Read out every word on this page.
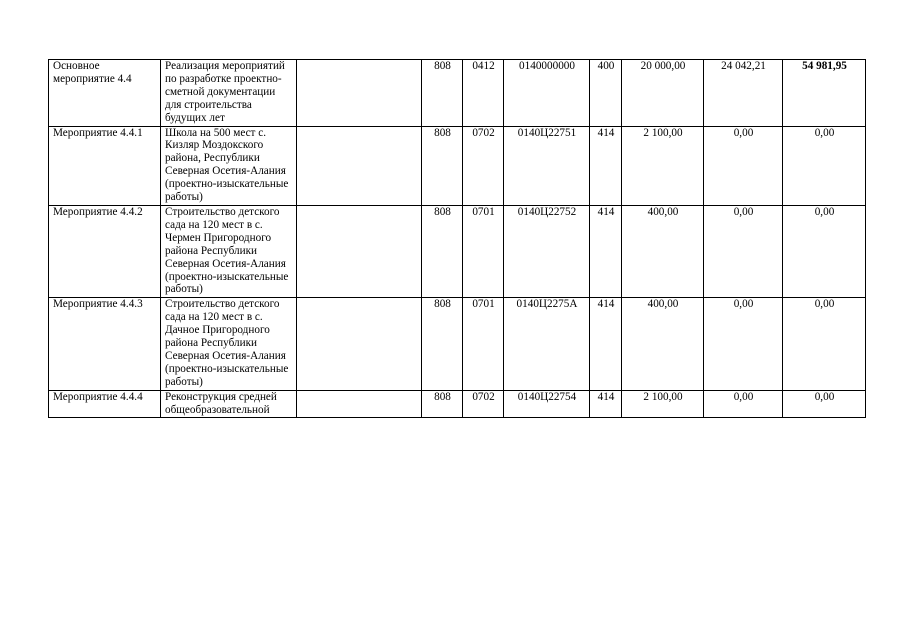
Основное мероприятие 4.4	Реализация мероприятий по разработке проектно-сметной документации для строительства будущих лет		808	0412	0140000000	400	20 000,00	24 042,21	54 981,95
Мероприятие 4.4.1	Школа на 500 мест с. Кизляр Моздокского района, Республики Северная Осетия-Алания (проектно-изыскательные работы)		808	0702	0140Ц22751	414	2 100,00	0,00	0,00
Мероприятие 4.4.2	Строительство детского сада на 120 мест в с. Чермен Пригородного района Республики Северная Осетия-Алания (проектно-изыскательные работы)		808	0701	0140Ц22752	414	400,00	0,00	0,00
Мероприятие 4.4.3	Строительство детского сада на 120 мест в с. Дачное Пригородного района Республики Северная Осетия-Алания (проектно-изыскательные работы)		808	0701	0140Ц2275А	414	400,00	0,00	0,00
Мероприятие 4.4.4	Реконструкция средней общеобразовательной		808	0702	0140Ц22754	414	2 100,00	0,00	0,00
